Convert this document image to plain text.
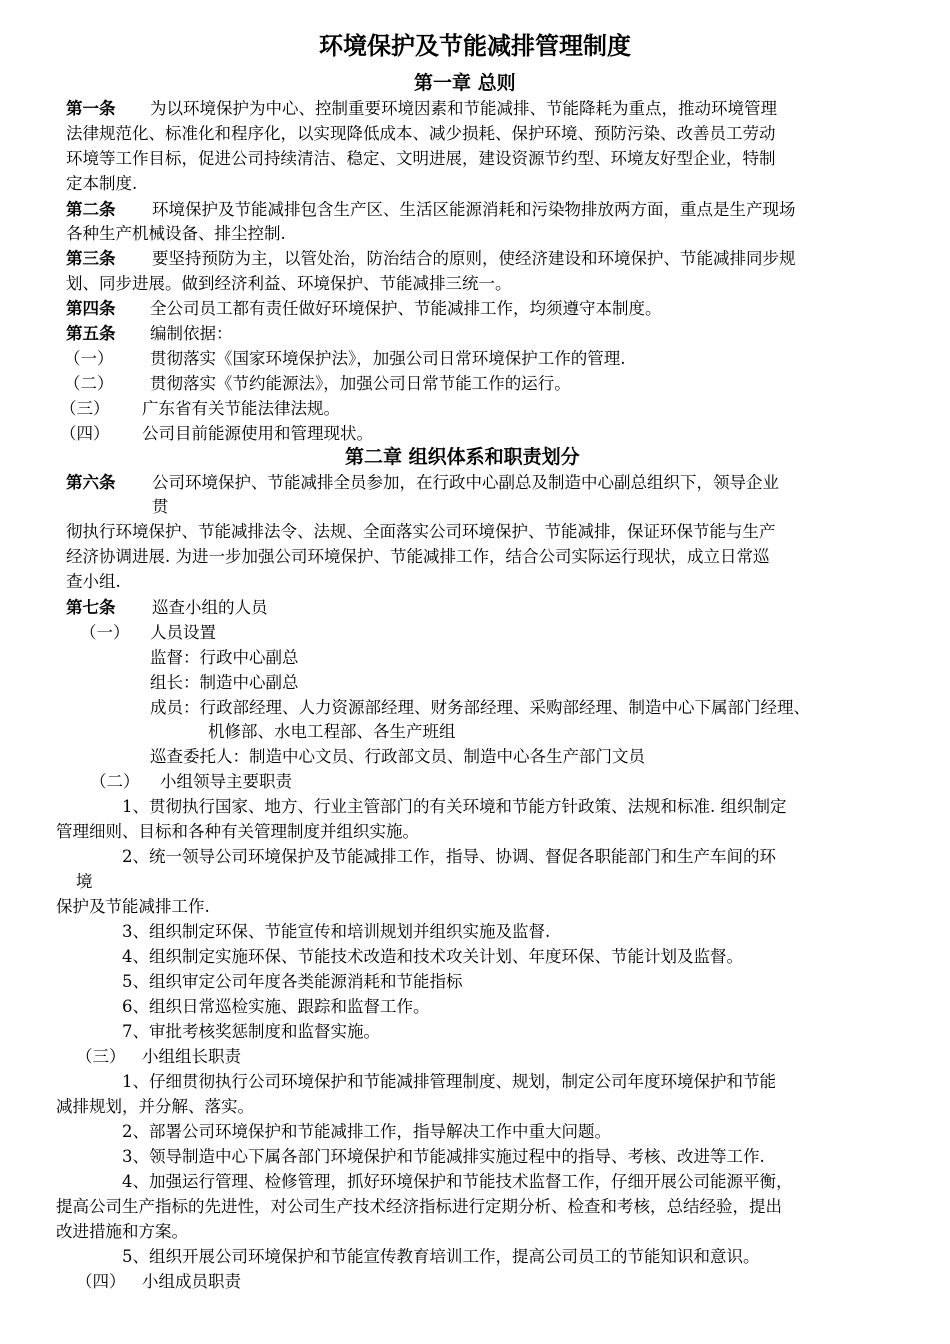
环境保护及节能减排管理制度
第一章 总则
第一条 为以环境保护为中心、控制重要环境因素和节能减排、节能降耗为重点，推动环境管理
法律规范化、标准化和程序化，以实现降低成本、减少损耗、保护环境、预防污染、改善员工劳动
环境等工作目标，促进公司持续清洁、稳定、文明进展，建设资源节约型、环境友好型企业，特制
定本制度.
第二条 环境保护及节能减排包含生产区、生活区能源消耗和污染物排放两方面，重点是生产现场
各种生产机械设备、排尘控制.
第三条 要坚持预防为主，以管处治，防治结合的原则，使经济建设和环境保护、节能减排同步规
划、同步进展。做到经济利益、环境保护、节能减排三统一。
第四条 全公司员工都有责任做好环境保护、节能减排工作，均须遵守本制度。
第五条 编制依据：
（一） 贯彻落实《国家环境保护法》，加强公司日常环境保护工作的管理.
（二） 贯彻落实《节约能源法》，加强公司日常节能工作的运行。
（三） 广东省有关节能法律法规。
（四） 公司目前能源使用和管理现状。
第二章 组织体系和职责划分
第六条 公司环境保护、节能减排全员参加，在行政中心副总及制造中心副总组织下，领导企业
贯
彻执行环境保护、节能减排法令、法规、全面落实公司环境保护、节能减排，保证环保节能与生产
经济协调进展. 为进一步加强公司环境保护、节能减排工作，结合公司实际运行现状，成立日常巡
查小组.
第七条 巡查小组的人员
（一） 人员设置
监督：行政中心副总
组长：制造中心副总
成员：行政部经理、人力资源部经理、财务部经理、采购部经理、制造中心下属部门经理、
机修部、水电工程部、各生产班组
巡查委托人：制造中心文员、行政部文员、制造中心各生产部门文员
（二） 小组领导主要职责
1、贯彻执行国家、地方、行业主管部门的有关环境和节能方针政策、法规和标准. 组织制定
管理细则、目标和各种有关管理制度并组织实施。
2、统一领导公司环境保护及节能减排工作，指导、协调、督促各职能部门和生产车间的环
境
保护及节能减排工作.
3、组织制定环保、节能宣传和培训规划并组织实施及监督.
4、组织制定实施环保、节能技术改造和技术攻关计划、年度环保、节能计划及监督。
5、组织审定公司年度各类能源消耗和节能指标
6、组织日常巡检实施、跟踪和监督工作。
7、审批考核奖惩制度和监督实施。
（三） 小组组长职责
1、仔细贯彻执行公司环境保护和节能减排管理制度、规划，制定公司年度环境保护和节能
减排规划，并分解、落实。
2、部署公司环境保护和节能减排工作，指导解决工作中重大问题。
3、领导制造中心下属各部门环境保护和节能减排实施过程中的指导、考核、改进等工作.
4、加强运行管理、检修管理，抓好环境保护和节能技术监督工作，仔细开展公司能源平衡，
提高公司生产指标的先进性，对公司生产技术经济指标进行定期分析、检查和考核，总结经验，提出
改进措施和方案。
5、组织开展公司环境保护和节能宣传教育培训工作，提高公司员工的节能知识和意识。
（四） 小组成员职责
